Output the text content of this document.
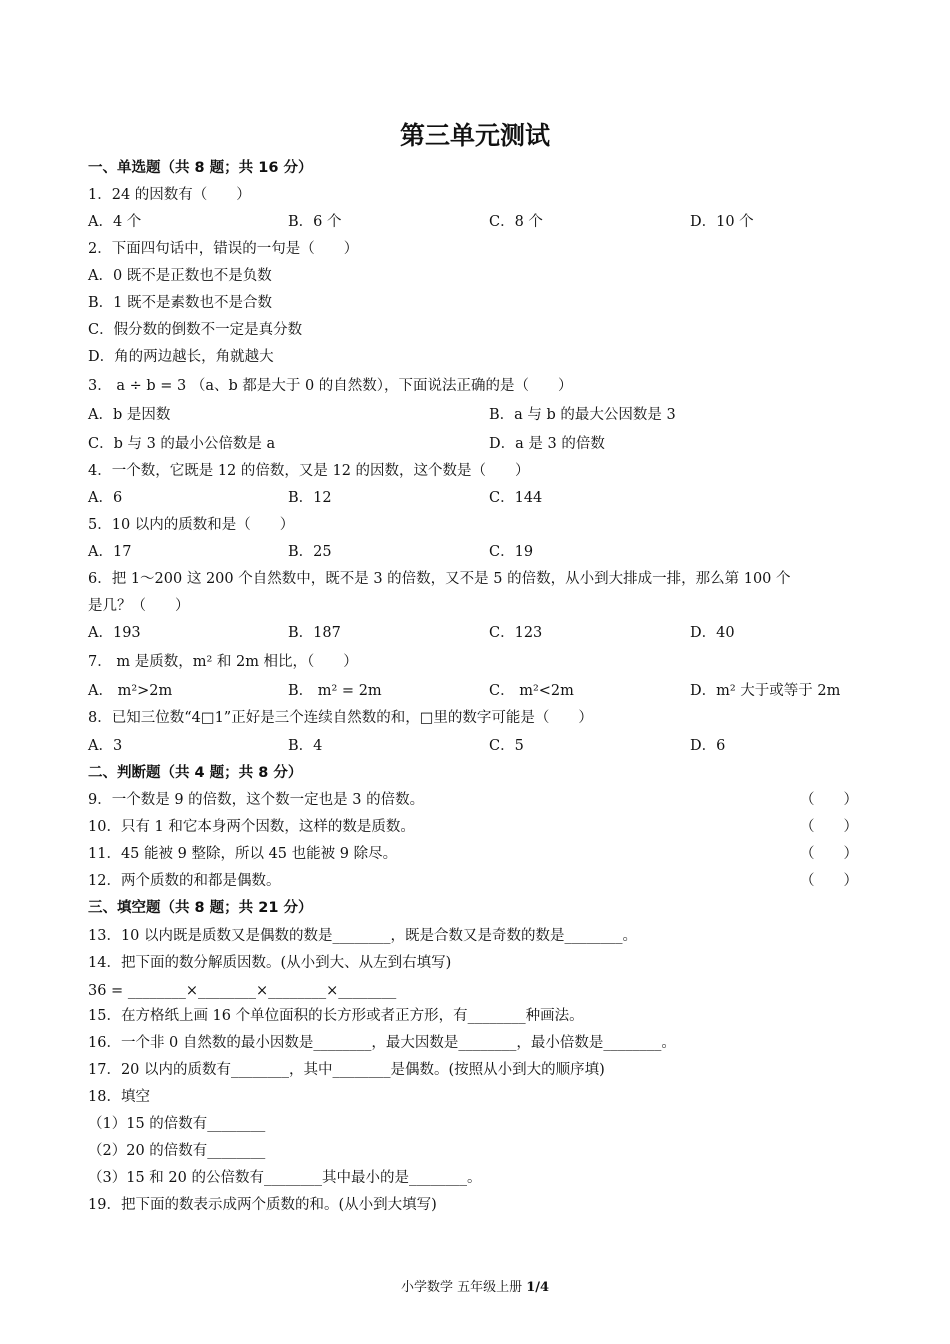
第三单元测试
一、单选题（共 8 题；共 16 分）
1．24 的因数有（　　）
A．4 个	B．6 个	C．8 个	D．10 个
2．下面四句话中，错误的一句是（　　）
A．0 既不是正数也不是负数
B．1 既不是素数也不是合数
C．假分数的倒数不一定是真分数
D．角的两边越长，角就越大
3． a ÷ b = 3 （a、b 都是大于 0 的自然数），下面说法正确的是（　　）
A．b 是因数	B．a 与 b 的最大公因数是 3
C．b 与 3 的最小公倍数是 a	D．a 是 3 的倍数
4．一个数，它既是 12 的倍数，又是 12 的因数，这个数是（　　）
A．6	B．12	C．144
5．10 以内的质数和是（　　）
A．17	B．25	C．19
6．把 1～200 这 200 个自然数中，既不是 3 的倍数，又不是 5 的倍数，从小到大排成一排，那么第 100 个
是几？（　　）
A．193	B．187	C．123	D．40
7． m 是质数，m² 和 2m 相比，（　　）
A． m²>2m	B． m² = 2m	C． m²<2m	D．m² 大于或等于 2m
8．已知三位数“4□1”正好是三个连续自然数的和，□里的数字可能是（　　）
A．3	B．4	C．5	D．6
二、判断题（共 4 题；共 8 分）
9．一个数是 9 的倍数，这个数一定也是 3 的倍数。	（　　）
10．只有 1 和它本身两个因数，这样的数是质数。	（　　）
11．45 能被 9 整除，所以 45 也能被 9 除尽。	（　　）
12．两个质数的和都是偶数。	（　　）
三、填空题（共 8 题；共 21 分）
13．10 以内既是质数又是偶数的数是________，既是合数又是奇数的数是________。
14．把下面的数分解质因数。(从小到大、从左到右填写)
36 = ________×________×________×________
15．在方格纸上画 16 个单位面积的长方形或者正方形，有________种画法。
16．一个非 0 自然数的最小因数是________，最大因数是________，最小倍数是________。
17．20 以内的质数有________，其中________是偶数。(按照从小到大的顺序填)
18．填空
（1）15 的倍数有________
（2）20 的倍数有________
（3）15 和 20 的公倍数有________其中最小的是________。
19．把下面的数表示成两个质数的和。(从小到大填写)
小学数学 五年级上册 1/4
